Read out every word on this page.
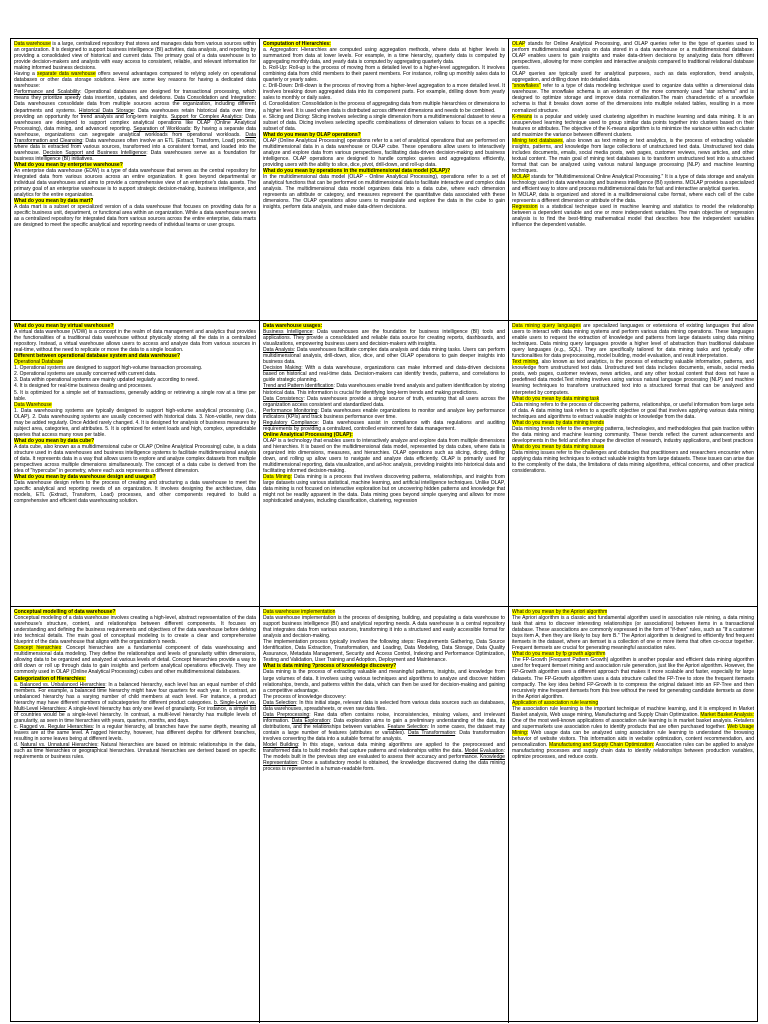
Data warehouse is a large, centralized repository that stores and manages data from various sources within an organization. It is designed to support business intelligence (BI) activities, data analysis, and reporting by providing a consolidated view of historical and current data. The primary goal of a data warehouse is to provide decision-makers and analysts with easy access to consistent, reliable, and relevant information for making informed business decisions.

Having a separate data warehouse offers several advantages compared to relying solely on operational databases or other data storage solutions. Here are some key reasons for having a dedicated data warehouse:

Performance and Scalability: Operational databases are designed for transactional processing, which means they prioritize speedy data insertion, updates, and deletions. Data Consolidation and Integration: Data warehouses consolidate data from multiple sources across the organization, including different departments and systems. Historical Data Storage: Data warehouses retain historical data over time, providing an opportunity for trend analysis and long-term insights. Support for Complex Analytics: Data warehouses are designed to support complex analytical operations like OLAP (Online Analytical Processing), data mining, and advanced reporting. Separation of Workloads: By having a separate data warehouse, organizations can segregate analytical workloads from operational workloads. Data Transformation and Cleansing: Data warehouses often involve an ETL (Extract, Transform, Load) process, where data is extracted from various sources, transformed into a consistent format, and loaded into the warehouse. Decision Support and Business Intelligence: Data warehouses serve as a foundation for business intelligence (BI) initiatives.

What do you mean by enterprise warehouse?

An enterprise data warehouse (EDW) is a type of data warehouse that serves as the central repository for integrated data from various sources across an entire organization. It goes beyond departmental or individual data warehouses and aims to provide a comprehensive view of an enterprise's data assets. The primary goal of an enterprise warehouse is to support strategic decision-making, business intelligence, and analytics for the entire organization.

What do you mean by data mart?

A data mart is a subset or specialized version of a data warehouse that focuses on providing data for a specific business unit, department, or functional area within an organization. While a data warehouse serves as a centralized repository for integrated data from various sources across the entire enterprise, data marts are designed to meet the specific analytical and reporting needs of individual teams or user groups.

Computation of Hierarchies:

a. Aggregation: Hierarchies are computed using aggregation methods, where data at higher levels is summarized from data at lower levels. For example, in a time hierarchy, quarterly data is computed by aggregating monthly data, and yearly data is computed by aggregating quarterly data.

b. Roll-Up: Roll-up is the process of moving from a detailed level to a higher-level aggregation. It involves combining data from child members to their parent members. For instance, rolling up monthly sales data to quarterly or yearly sales.

c. Drill-Down: Drill-down is the process of moving from a higher-level aggregation to a more detailed level. It involves breaking down aggregated data into its component parts. For example, drilling down from yearly sales to monthly or daily sales.

d. Consolidation: Consolidation is the process of aggregating data from multiple hierarchies or dimensions to a higher level. It is used when data is distributed across different dimensions and needs to be combined.

e. Slicing and Dicing: Slicing involves selecting a single dimension from a multidimensional dataset to view a subset of data. Dicing involves selecting specific combinations of dimension values to focus on a specific subset of data.

What do you mean by OLAP operations?

OLAP (Online Analytical Processing) operations refer to a set of analytical operations that are performed on multidimensional data in a data warehouse or OLAP cube. These operations allow users to interactively analyze and explore data from various perspectives, facilitating data-driven decision-making and business intelligence. OLAP operations are designed to handle complex queries and aggregations efficiently, providing users with the ability to slice, dice, pivot, drill-down, and roll-up data.

What do you mean by operations in the multidimensional data model (OLAP)?

In the multidimensional data model (OLAP - Online Analytical Processing), operations refer to a set of analytical functions that can be performed on multidimensional data to facilitate interactive and complex data analysis. The multidimensional data model organizes data into a data cube, where each dimension represents an attribute or category, and measures represent the quantitative data associated with these dimensions. The OLAP operations allow users to manipulate and explore the data in the cube to gain insights, perform data analysis, and make data-driven decisions.

OLAP stands for Online Analytical Processing, and OLAP queries refer to the type of queries used to perform multidimensional analysis on data stored in a data warehouse or a multidimensional database. OLAP enables users to gain insights and make data-driven decisions by analyzing data from different perspectives, allowing for more complex and interactive analysis compared to traditional relational database queries.

OLAP queries are typically used for analytical purposes, such as data exploration, trend analysis, aggregation, and drilling down into detailed data.

"snowflakes" refer to a type of data modeling technique used to organize data within a dimensional data warehouse. The snowflake schema is an extension of the more commonly used "star schema" and is designed to optimize storage and improve data normalization.The main characteristic of a snowflake schema is that it breaks down some of the dimensions into multiple related tables, resulting in a more normalized structure.

K-means is a popular and widely used clustering algorithm in machine learning and data mining. It is an unsupervised learning technique used to group similar data points together into clusters based on their features or attributes. The objective of the K-means algorithm is to minimize the variance within each cluster and maximize the variance between different clusters.

Mining text databases, also known as text mining or text analytics, is the process of extracting valuable insights, patterns, and knowledge from large collections of unstructured text data. Unstructured text data includes documents, emails, social media posts, web pages, customer reviews, news articles, and other textual content. The main goal of mining text databases is to transform unstructured text into a structured format that can be analyzed using various natural language processing (NLP) and machine learning techniques.

MOLAP stands for "Multidimensional Online Analytical Processing." It is a type of data storage and analysis technology used in data warehousing and business intelligence (BI) systems. MOLAP provides a specialized and efficient way to store and process multidimensional data for fast and interactive analytical queries.

In MOLAP, data is organized and stored in a multidimensional cube format, where each cell of the cube represents a different dimension or attribute of the data.

Regression is a statistical technique used in machine learning and statistics to model the relationship between a dependent variable and one or more independent variables. The main objective of regression analysis is to find the best-fitting mathematical model that describes how the independent variables influence the dependent variable.

What do you mean by virtual warehouse?

A virtual data warehouse (VDW) is a concept in the realm of data management and analytics that provides the functionalities of a traditional data warehouse without physically storing all the data in a centralized repository. Instead, a virtual warehouse allows users to access and analyze data from various sources in real-time, without the need to replicate or move the data to a single location.

Different between operational database system and data warehouse?

Operational Database

1. Operational systems are designed to support high-volume transaction processing.

2. Operational systems are usually concerned with current data.

3. Data within operational systems are mainly updated regularly according to need.

4. It is designed for real-time business dealing and processes.

5. It is optimized for a simple set of transactions, generally adding or retrieving a single row at a time per table.

Data Warehouse

1. Data warehousing systems are typically designed to support high-volume analytical processing (i.e., OLAP). 2. Data warehousing systems are usually concerned with historical data. 3. Non-volatile, new data may be added regularly. Once Added rarely changed. 4. It is designed for analysis of business measures by subject area, categories, and attributes. 5. It is optimized for extent loads and high, complex, unpredictable queries that access many rows per table.

What do you mean by data cube?

A data cube, also known as a multidimensional cube or OLAP (Online Analytical Processing) cube, is a data structure used in data warehouses and business intelligence systems to facilitate multidimensional analysis of data. It represents data in a way that allows users to explore and analyze complex datasets from multiple perspectives across multiple dimensions simultaneously. The concept of a data cube is derived from the idea of "hypercube" in geometry, where each axis represents a different dimension.

What do you mean by data warehouse design and usages?

Data warehouse design refers to the process of creating and structuring a data warehouse to meet the specific analytical and reporting needs of an organization. It involves designing the architecture, data models, ETL (Extract, Transform, Load) processes, and other components required to build a comprehensive and efficient data warehousing solution.

Data warehouse usages:

Business Intelligence: Data warehouses are the foundation for business intelligence (BI) tools and applications. They provide a consolidated and reliable data source for creating reports, dashboards, and visualizations, empowering business users and decision-makers with insights.

Data Analysis: Data warehouses facilitate complex data analysis and data mining tasks. Users can perform multidimensional analysis, drill-down, slice, dice, and other OLAP operations to gain deeper insights into business data.

Decision Making: With a data warehouse, organizations can make informed and data-driven decisions based on historical and real-time data. Decision-makers can identify trends, patterns, and correlations to guide strategic planning.

Trend and Pattern Identification: Data warehouses enable trend analysis and pattern identification by storing historical data. This information is crucial for identifying long-term trends and making predictions.

Data Consistency: Data warehouses provide a single source of truth, ensuring that all users across the organization access consistent and standardized data.

Performance Monitoring: Data warehouses enable organizations to monitor and analyze key performance indicators (KPIs) and track business performance over time.

Regulatory Compliance: Data warehouses assist in compliance with data regulations and auditing requirements by providing a centralized, controlled environment for data management.

Online Analytical Processing (OLAP):

OLAP is a technology that enables users to interactively analyze and explore data from multiple dimensions and hierarchies. It is based on the multidimensional data model, represented by data cubes, where data is organized into dimensions, measures, and hierarchies. OLAP operations such as slicing, dicing, drilling down, and rolling up allow users to navigate and analyze data efficiently. OLAP is primarily used for multidimensional reporting, data visualization, and ad-hoc analysis, providing insights into historical data and facilitating informed decision-making.

Data Mining: Data mining is a process that involves discovering patterns, relationships, and insights from large datasets using various statistical, machine learning, and artificial intelligence techniques. Unlike OLAP, data mining is not focused on interactive exploration but on uncovering hidden patterns and knowledge that might not be readily apparent in the data. Data mining goes beyond simple querying and allows for more sophisticated analyses, including classification, clustering, regression

Data mining query languages are specialized languages or extensions of existing languages that allow users to interact with data mining systems and perform various data mining operations. These languages enable users to request the extraction of knowledge and patterns from large datasets using data mining techniques. Data mining query languages provide a higher level of abstraction than traditional database query languages (e.g., SQL). They are specifically tailored for data mining tasks and typically offer functionalities for data preprocessing, model building, model evaluation, and result interpretation.

Text mining, also known as text analytics, is the process of extracting valuable information, patterns, and knowledge from unstructured text data. Unstructured text data includes documents, emails, social media posts, web pages, customer reviews, news articles, and any other textual content that does not have a predefined data model.Text mining involves using various natural language processing (NLP) and machine learning techniques to transform unstructured text into a structured format that can be analyzed and interpreted by computers.

What do you mean by data mining task

Data mining refers to the process of discovering patterns, relationships, or useful information from large sets of data. A data mining task refers to a specific objective or goal that involves applying various data mining techniques and algorithms to extract valuable insights or knowledge from the data.

What do you mean by data mining trends

Data mining trends refer to the emerging patterns, technologies, and methodologies that gain traction within the data mining and machine learning community. These trends reflect the current advancements and developments in the field and often shape the direction of research, industry applications, and best practices

What do you mean by data mining issues

Data mining issues refer to the challenges and obstacles that practitioners and researchers encounter when applying data mining techniques to extract valuable insights from large datasets. These issues can arise due to the complexity of the data, the limitations of data mining algorithms, ethical concerns, and other practical considerations.

Conceptual modelling of data warehouse?

Conceptual modeling of a data warehouse involves creating a high-level, abstract representation of the data warehouse's structure, content, and relationships between different components. It focuses on understanding and defining the business requirements and objectives of the data warehouse before delving into technical details. The main goal of conceptual modeling is to create a clear and comprehensive blueprint of the data warehouse that aligns with the organization's needs.

Concept hierarchies: Concept hierarchies are a fundamental component of data warehousing and multidimensional data modeling. They define the relationships and levels of granularity within dimensions, allowing data to be organized and analyzed at various levels of detail. Concept hierarchies provide a way to drill down or roll up through data to gain insights and perform analytical operations effectively. They are commonly used in OLAP (Online Analytical Processing) cubes and other multidimensional databases.

Categorization of Hierarchies:

a. Balanced vs. Unbalanced Hierarchies: In a balanced hierarchy, each level has an equal number of child members. For example, a balanced time hierarchy might have four quarters for each year. In contrast, an unbalanced hierarchy has a varying number of child members at each level. For instance, a product hierarchy may have different numbers of subcategories for different product categories. b. Single-Level vs. Multi-Level Hierarchies: A single-level hierarchy has only one level of granularity. For instance, a simple list of countries would be a single-level hierarchy. In contrast, a multi-level hierarchy has multiple levels of granularity, as seen in time hierarchies with years, quarters, months, and days.

c. Ragged vs. Regular Hierarchies: In a regular hierarchy, all branches have the same depth, meaning all leaves are at the same level. A ragged hierarchy, however, has different depths for different branches, resulting in some leaves being at different levels.

d. Natural vs. Unnatural Hierarchies: Natural hierarchies are based on intrinsic relationships in the data, such as time hierarchies or geographical hierarchies. Unnatural hierarchies are derived based on specific requirements or business rules.

Data warehouse implementation

Data warehouse implementation is the process of designing, building, and populating a data warehouse to support business intelligence (BI) and analytical reporting needs. A data warehouse is a central repository that integrates data from various sources, transforming it into a structured and easily accessible format for analysis and decision-making.

The implementation process typically involves the following steps: Requirements Gathering, Data Source Identification, Data Extraction, Transformation, and Loading, Data Modeling, Data Storage, Data Quality Assurance, Metadata Management, Security and Access Control, Indexing and Performance Optimization, Testing and Validation, User Training and Adoption, Deployment and Maintenance.

What is data mining ?process of knowledge discovery?

Data mining is the process of extracting valuable and meaningful patterns, insights, and knowledge from large volumes of data. It involves using various techniques and algorithms to analyze and discover hidden relationships, trends, and patterns within the data, which can then be used for decision-making and gaining a competitive advantage.

The process of knowledge discovery:

Data Selection: In this initial stage, relevant data is selected from various data sources such as databases, data warehouses, spreadsheets, or even raw data files.

Data Preprocessing: Raw data often contains noise, inconsistencies, missing values, and irrelevant information. Data Exploration: Data exploration aims to gain a preliminary understanding of the data, its distributions, and the relationships between variables. Feature Selection: In some cases, the dataset may contain a large number of features (attributes or variables). Data Transformation: Data transformation involves converting the data into a suitable format for analysis.

Model Building: In this stage, various data mining algorithms are applied to the preprocessed and transformed data to build models that capture patterns and relationships within the data. Model Evaluation: The models built in the previous step are evaluated to assess their accuracy and performance. Knowledge Representation: Once a satisfactory model is obtained, the knowledge discovered during the data mining process is represented in a human-readable form.

What do you mean by the Apriori algorithm

The Apriori algorithm is a classic and fundamental algorithm used in association rule mining, a data mining task that aims to discover interesting relationships (or associations) between items in a transactional database. These associations are commonly expressed in the form of "if-then" rules, such as "If a customer buys item A, then they are likely to buy item B." The Apriori algorithm is designed to efficiently find frequent itemsets in the dataset, where an itemset is a collection of one or more items that often co-occur together. Frequent itemsets are crucial for generating meaningful association rules.

What do you mean by fp growth algorithm

The FP-Growth (Frequent Pattern Growth) algorithm is another popular and efficient data mining algorithm used for frequent itemset mining and association rule generation, just like the Apriori algorithm. However, the FP-Growth algorithm uses a different approach that makes it more scalable and faster, especially for large datasets. The FP-Growth algorithm uses a data structure called the FP-Tree to store the frequent itemsets compactly. The key idea behind FP-Growth is to compress the original dataset into an FP-Tree and then recursively mine frequent itemsets from this tree without the need for generating candidate itemsets as done in the Apriori algorithm.

Application of association rule learning

The association rule learning is the important technique of machine learning, and it is employed in Market Basket analysis, Web usage mining, Manufacturing and Supply Chain Optimization. Market Basket Analysis: One of the most well-known applications of association rule learning is in market basket analysis. Retailers and supermarkets use association rules to identify products that are often purchased together. Web Usage Mining: Web usage data can be analyzed using association rule learning to understand the browsing behavior of website visitors. This information aids in website optimization, content recommendation, and personalization. Manufacturing and Supply Chain Optimization: Association rules can be applied to analyze manufacturing processes and supply chain data to identify relationships between production variables, optimize processes, and reduce costs.
